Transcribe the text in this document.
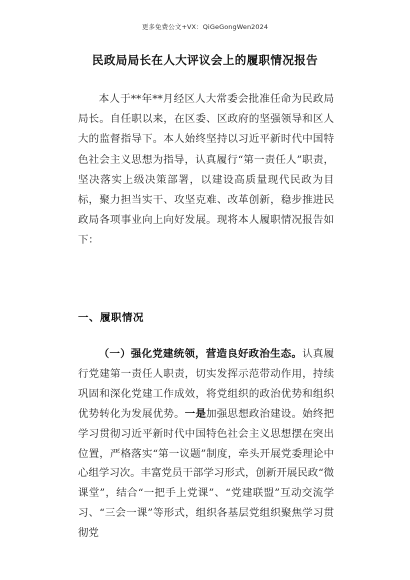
更多免费公文+VX：QiGeGongWen2024
民政局局长在人大评议会上的履职情况报告
本人于**年**月经区人大常委会批准任命为民政局局长。自任职以来，在区委、区政府的坚强领导和区人大的监督指导下。本人始终坚持以习近平新时代中国特色社会主义思想为指导，认真履行“第一责任人”职责，坚决落实上级决策部署，以建设高质量现代民政为目标，聚力担当实干、攻坚克难、改革创新，稳步推进民政局各项事业向上向好发展。现将本人履职情况报告如下：
一、履职情况
（一）强化党建统领，营造良好政治生态。认真履行党建第一责任人职责，切实发挥示范带动作用，持续巩固和深化党建工作成效，将党组织的政治优势和组织优势转化为发展优势。一是加强思想政治建设。始终把学习贯彻习近平新时代中国特色社会主义思想摆在突出位置，严格落实“第一议题”制度，牵头开展党委理论中心组学习次。丰富党员干部学习形式，创新开展民政“微课堂”，结合“一把手上党课”、“党建联盟”互动交流学习、“三会一课”等形式，组织各基层党组织聚焦学习贯彻党
